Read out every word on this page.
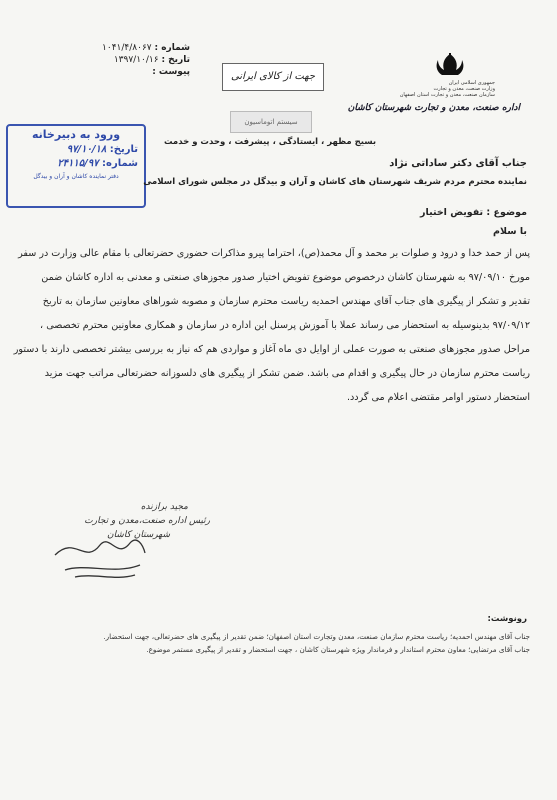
جمهوری اسلامی ایران
وزارت صنعت، معدن و تجارت
سازمان صنعت، معدن و تجارت استان اصفهان
اداره صنعت، معدن و تجارت شهرستان کاشان
جهت از کالای ایرانی
سیستم اتوماسیون
شماره : ۱۰۴۱/۴/۸۰۶۷
تاریخ : ۱۳۹۷/۱۰/۱۶
پیوست :
بسیج مظهر ، ایستادگی ، پیشرفت ، وحدت و خدمت
ورود به دبیرخانه
تاریخ: ۹۷/۱۰/۱۸
شماره: ۲۴۱۱۵/۹۷
دفتر نماینده کاشان و آران و بیدگل
جناب آقای دکتر ساداتی نژاد
نماینده محترم مردم شریف شهرستان های کاشان و آران و بیدگل در مجلس شورای اسلامی
موضوع : تفویض اختیار
با سلام
پس از حمد خدا و درود و صلوات بر محمد و آل محمد(ص)، احتراما پیرو مذاکرات حضوری حضرتعالی با مقام عالی وزارت در سفر
مورخ ۹۷/۰۹/۱۰ به شهرستان کاشان درخصوص موضوع تفویض اختیار صدور مجوزهای صنعتی و معدنی به اداره کاشان ضمن
تقدیر و تشکر از پیگیری های جناب آقای مهندس احمدیه ریاست محترم سازمان و مصوبه شوراهای معاونین سازمان به تاریخ
۹۷/۰۹/۱۲ بدینوسیله به استحضار می رساند عملا با آموزش پرسنل این اداره در سازمان و همکاری معاونین محترم تخصصی ،
مراحل صدور مجوزهای صنعتی به صورت عملی از اوایل دی ماه آغاز و مواردی هم که نیاز به بررسی بیشتر تخصصی دارند با دستور
ریاست محترم سازمان در حال پیگیری و اقدام می باشد. ضمن تشکر از پیگیری های دلسوزانه حضرتعالی مراتب جهت مزید
استحضار دستور اوامر مقتضی اعلام می گردد.
مجید برازنده
رئیس اداره صنعت،معدن و تجارت
شهرستان کاشان
رونوشت:
جناب آقای مهندس احمدیه؛ ریاست محترم سازمان صنعت، معدن وتجارت استان اصفهان؛ ضمن تقدیر از پیگیری های حضرتعالی، جهت استحضار.
جناب آقای مرتضایی؛ معاون محترم استاندار و فرماندار ویژه شهرستان کاشان ، جهت استحضار و تقدیر از پیگیری مستمر موضوع.
